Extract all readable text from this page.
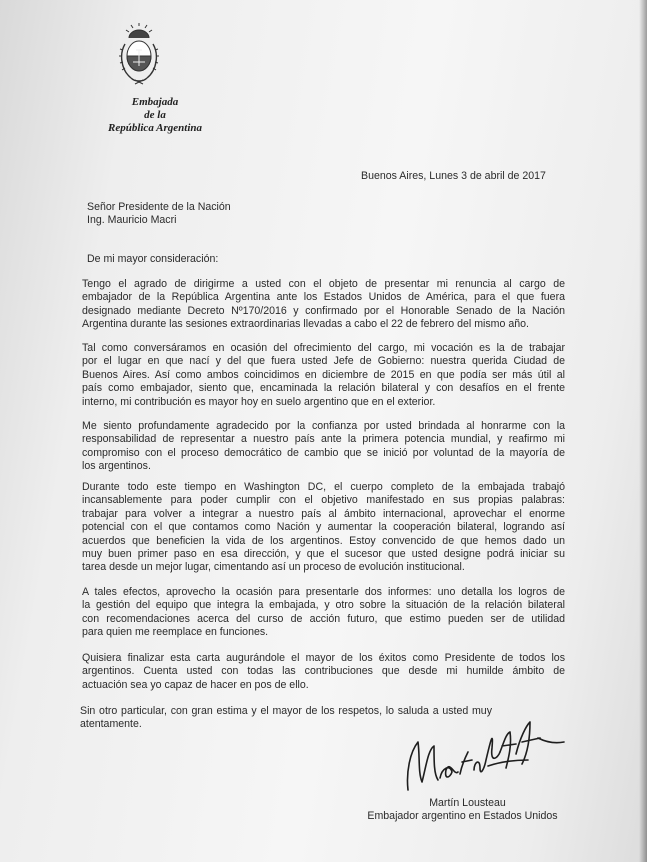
Embajada
de la
República Argentina

Buenos Aires, Lunes 3 de abril de 2017

Señor Presidente de la Nación
Ing. Mauricio Macri

De mi mayor consideración:

Tengo el agrado de dirigirme a usted con el objeto de presentar mi renuncia al cargo de
embajador de la República Argentina ante los Estados Unidos de América, para el que fuera
designado mediante Decreto Nº170/2016 y confirmado por el Honorable Senado de la Nación
Argentina durante las sesiones extraordinarias llevadas a cabo el 22 de febrero del mismo año.

Tal como conversáramos en ocasión del ofrecimiento del cargo, mi vocación es la de trabajar
por el lugar en que nací y del que fuera usted Jefe de Gobierno: nuestra querida Ciudad de
Buenos Aires. Así como ambos coincidimos en diciembre de 2015 en que podía ser más útil al
país como embajador, siento que, encaminada la relación bilateral y con desafíos en el frente
interno, mi contribución es mayor hoy en suelo argentino que en el exterior.

Me siento profundamente agradecido por la confianza por usted brindada al honrarme con la
responsabilidad de representar a nuestro país ante la primera potencia mundial, y reafirmo mi
compromiso con el proceso democrático de cambio que se inició por voluntad de la mayoría de
los argentinos.

Durante todo este tiempo en Washington DC, el cuerpo completo de la embajada trabajó
incansablemente para poder cumplir con el objetivo manifestado en sus propias palabras:
trabajar para volver a integrar a nuestro país al ámbito internacional, aprovechar el enorme
potencial con el que contamos como Nación y aumentar la cooperación bilateral, logrando así
acuerdos que beneficien la vida de los argentinos. Estoy convencido de que hemos dado un
muy buen primer paso en esa dirección, y que el sucesor que usted designe podrá iniciar su
tarea desde un mejor lugar, cimentando así un proceso de evolución institucional.

A tales efectos, aprovecho la ocasión para presentarle dos informes: uno detalla los logros de
la gestión del equipo que integra la embajada, y otro sobre la situación de la relación bilateral
con recomendaciones acerca del curso de acción futuro, que estimo pueden ser de utilidad
para quien me reemplace en funciones.

Quisiera finalizar esta carta augurándole el mayor de los éxitos como Presidente de todos los
argentinos. Cuenta usted con todas las contribuciones que desde mi humilde ámbito de
actuación sea yo capaz de hacer en pos de ello.

Sin otro particular, con gran estima y el mayor de los respetos, lo saluda a usted muy
atentamente.

Martín Lousteau
Embajador argentino en Estados Unidos
